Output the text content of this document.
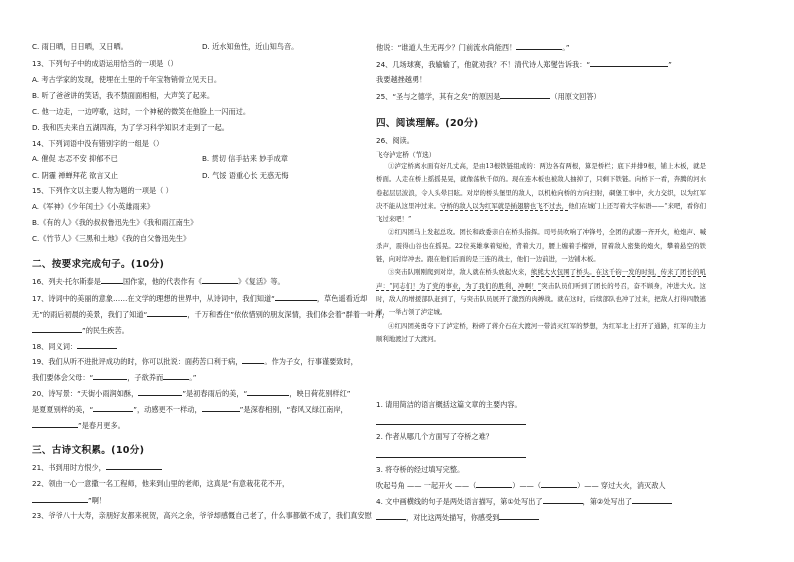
C. 雨日晒，日日晒，又日晒。	D. 近水知鱼性，近山知鸟音。
13、下列句子中的成语运用恰当的一项是（）
A. 考古学家的发现，使埋在土里的千年宝物销骨立见天日。
B. 听了爸爸讲的笑话，我不禁面面相相，大声笑了起来。
C. 他一边走，一边哼歌，这时，一个神秘的微笑在他脸上一闪而过。
D. 我和匹夫来自五湖四海，为了学习科学知识才走到了一起。
14、下列词语中没有错别字的一组是（）
A. 催促 志忑不安 抑郁不已	B. 贯切 信手拈来 妙手成章
C. 阴霾 禅蝉拜花 欲言又止	D. 气馁 语重心长 无惑无悔
15、下列作文以主要人物为题的一项是（ ）
A.《军神》《少年闰土》《小英雄雨来》
B.《有的人》《我的叔叔鲁迅先生》《我和雨江南生》
C.《竹节人》《三黑和土地》《我的自父鲁迅先生》
二、按要求完成句子。(10分)
16、列夫·托尔斯泰是	国作家，他的代表作有《	》《复活》等。
17、诗词中的美丽的意象……在文学的理想的世界中，从诗词中，我们知道“	，草色遥看近却
无”的雨后初晨的美景，我们了知道“	，千万和香住”依依惜别的朋友深情，我们体会着“群着一叶舟，
”的民生疾苦。
18、同义词：
19、我们从听不进批评成功的时，你可以批说：面药苦口利于病，	。作为子女，行事谨要致时，
我们要体会父母：“	，子欲养而	。”
20、诗写景：“天街小雨润如酥，	”是初春雨后的美，“	，映日荷花别样红”
是夏夏别样的美，“	”，动感更不一样动，	”是深春相别，“春风又绿江南岸，
”是春月更多。
三、古诗文积累。(10分)
21、书到用时方恨少，
22、领由一心一意撒一名工程师，他来到山里的老师，这真是“有意栽花花不开，
”啊！
23、爷爷八十大寿，亲朋好友都来祝贺，高兴之余，爷爷却感慨自己老了，什么事都做不成了，我们真安慰
他说：“谁道人生无再少？门前流水尚能西！	。”
24、几场球赛，我输输了，他就劝我？不！清代诗人郑燮告诉我：“	”
我要越挫越勇！
25、“圣与之德学，其有之矣”的原因是	（用原文回答）
四、阅读理解。(20分)
26、阅读。
飞夺泸定桥（节选）

①泸定桥离水面有好几丈高，是由13根铁链组成的：两边各有两根，算是桥栏；底下并排9根，铺上木板，就是桥面。人走在桥上摇摇晃晃，就像荡秋千似的。现在连木板也被敌人抽掉了，只剩下铁链。向桥下一看，奔腾的河水卷起层层波浪，令人头晕目眩。对岸的桥头堡里的敌人，以机枪向桥的方向扫射，碉堡工事中，火力交织，以为红军决不能从这里冲过来。守桥的敌人以为红军就是插翅膀也飞不过去，他们在城门上还写着大字标语——“来吧，看你们飞过来吧！”

②红四团马上发起总攻。团长和政委亲自在桥头指挥。司号员吹响了冲锋号，全团的武器一齐开火，枪炮声、喊杀声，震得山谷也在摇晃。22位英雄拿着短枪，背着大刀，腰上缠着手榴弹，冒着敌人密集的炮火，攀着悬空的铁链，向对岸冲去。跟在他们后面的是三连的战士，他们一边前进，一边铺木板。

③突击队刚刚爬到对岸，敌人就在桥头放起火来，熊熊大火包围了桥头。在这千钧一发的时刻，传来了团长的吼声：“同志们！为了党的事业，为了我们的胜利，冲啊！”突击队员们听到了团长的号召，奋不顾身，冲进大火。这时，敌人的增援部队赶到了，与突击队员展开了激烈的肉搏战。就在这时，后续部队也冲了过来，把敌人打得四散逃窜，一举占领了泸定城。

④红四团英勇夺下了泸定桥，粉碎了蒋介石在大渡河一带消灭红军的梦想，为红军北上打开了通路，红军的主力顺利地渡过了大渡河。

1. 请用简洁的语言概括这篇文章的主要内容。
2. 作者从哪几个方面写了夺桥之难？
3. 将夺桥的经过填写完整。
吹起号角 —— 一起开火 ——（	）——（	）—— 穿过大火，消灭敌人
4. 文中画横线的句子是两处语言描写，第①处写出了	，第②处写出了
，对比这两处描写，你感受到
